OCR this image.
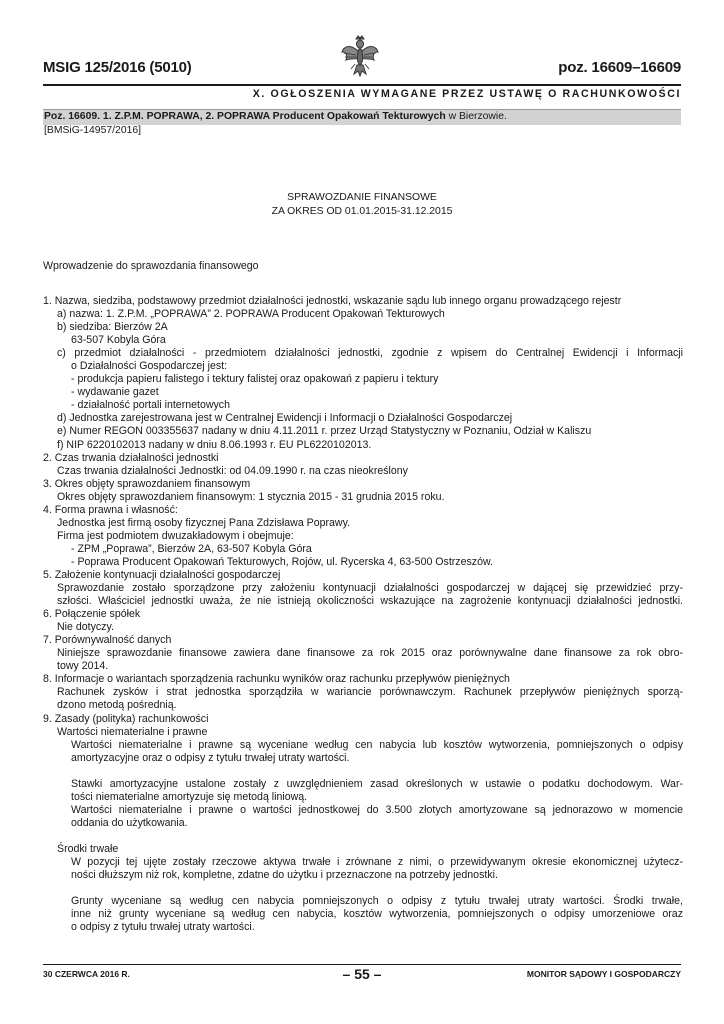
MSIG 125/2016 (5010)	poz. 16609–16609
X. OGŁOSZENIA WYMAGANE PRZEZ USTAWĘ O RACHUNKOWOŚCI
Poz. 16609. 1. Z.P.M. POPRAWA, 2. POPRAWA Producent Opakowań Tekturowych w Bierzowie.
[BMSiG-14957/2016]
SPRAWOZDANIE FINANSOWE
ZA OKRES OD 01.01.2015-31.12.2015
Wprowadzenie do sprawozdania finansowego
1. Nazwa, siedziba, podstawowy przedmiot działalności jednostki, wskazanie sądu lub innego organu prowadzącego rejestr
a) nazwa: 1. Z.P.M. „POPRAWA” 2. POPRAWA Producent Opakowań Tekturowych
b) siedziba: Bierzów 2A
63-507 Kobyla Góra
c) przedmiot działalności - przedmiotem działalności jednostki, zgodnie z wpisem do Centralnej Ewidencji i Informacji
o Działalności Gospodarczej jest:
- produkcja papieru falistego i tektury falistej oraz opakowań z papieru i tektury
- wydawanie gazet
- działalność portali internetowych
d) Jednostka zarejestrowana jest w Centralnej Ewidencji i Informacji o Działalności Gospodarczej
e) Numer REGON 003355637 nadany w dniu 4.11.2011 r. przez Urząd Statystyczny w Poznaniu, Odział w Kaliszu
f) NIP 6220102013 nadany w dniu 8.06.1993 r. EU PL6220102013.
2. Czas trwania działalności jednostki
Czas trwania działalności Jednostki: od 04.09.1990 r. na czas nieokreślony
3. Okres objęty sprawozdaniem finansowym
Okres objęty sprawozdaniem finansowym: 1 stycznia 2015 - 31 grudnia 2015 roku.
4. Forma prawna i własność:
Jednostka jest firmą osoby fizycznej Pana Zdzisława Poprawy.
Firma jest podmiotem dwuzakładowym i obejmuje:
- ZPM „Poprawa”, Bierzów 2A, 63-507 Kobyla Góra
- Poprawa Producent Opakowań Tekturowych, Rojów, ul. Rycerska 4, 63-500 Ostrzeszów.
5. Założenie kontynuacji działalności gospodarczej
Sprawozdanie zostało sporządzone przy założeniu kontynuacji działalności gospodarczej w dającej się przewidzieć przy-
szłości. Właściciel jednostki uważa, że nie istnieją okoliczności wskazujące na zagrożenie kontynuacji działalności jednostki.
6. Połączenie spółek
Nie dotyczy.
7. Porównywalność danych
Niniejsze sprawozdanie finansowe zawiera dane finansowe za rok 2015 oraz porównywalne dane finansowe za rok obro-
towy 2014.
8. Informacje o wariantach sporządzenia rachunku wyników oraz rachunku przepływów pieniężnych
Rachunek zysków i strat jednostka sporządziła w wariancie porównawczym. Rachunek przepływów pieniężnych sporzą-
dzono metodą pośrednią.
9. Zasady (polityka) rachunkowości
Wartości niematerialne i prawne
Wartości niematerialne i prawne są wyceniane według cen nabycia lub kosztów wytworzenia, pomniejszonych o odpisy
amortyzacyjne oraz o odpisy z tytułu trwałej utraty wartości.
Stawki amortyzacyjne ustalone zostały z uwzględnieniem zasad określonych w ustawie o podatku dochodowym. War-
tości niematerialne amortyzuje się metodą liniową.
Wartości niematerialne i prawne o wartości jednostkowej do 3.500 złotych amortyzowane są jednorazowo w momencie
oddania do użytkowania.
Środki trwałe
W pozycji tej ujęte zostały rzeczowe aktywa trwałe i zrównane z nimi, o przewidywanym okresie ekonomicznej użytecz-
ności dłuższym niż rok, kompletne, zdatne do użytku i przeznaczone na potrzeby jednostki.
Grunty wyceniane są według cen nabycia pomniejszonych o odpisy z tytułu trwałej utraty wartości. Środki trwałe,
inne niż grunty wyceniane są według cen nabycia, kosztów wytworzenia, pomniejszonych o odpisy umorzeniowe oraz
o odpisy z tytułu trwałej utraty wartości.
30 CZERWCA 2016 R.	– 55 –	MONITOR SĄDOWY I GOSPODARCZY
